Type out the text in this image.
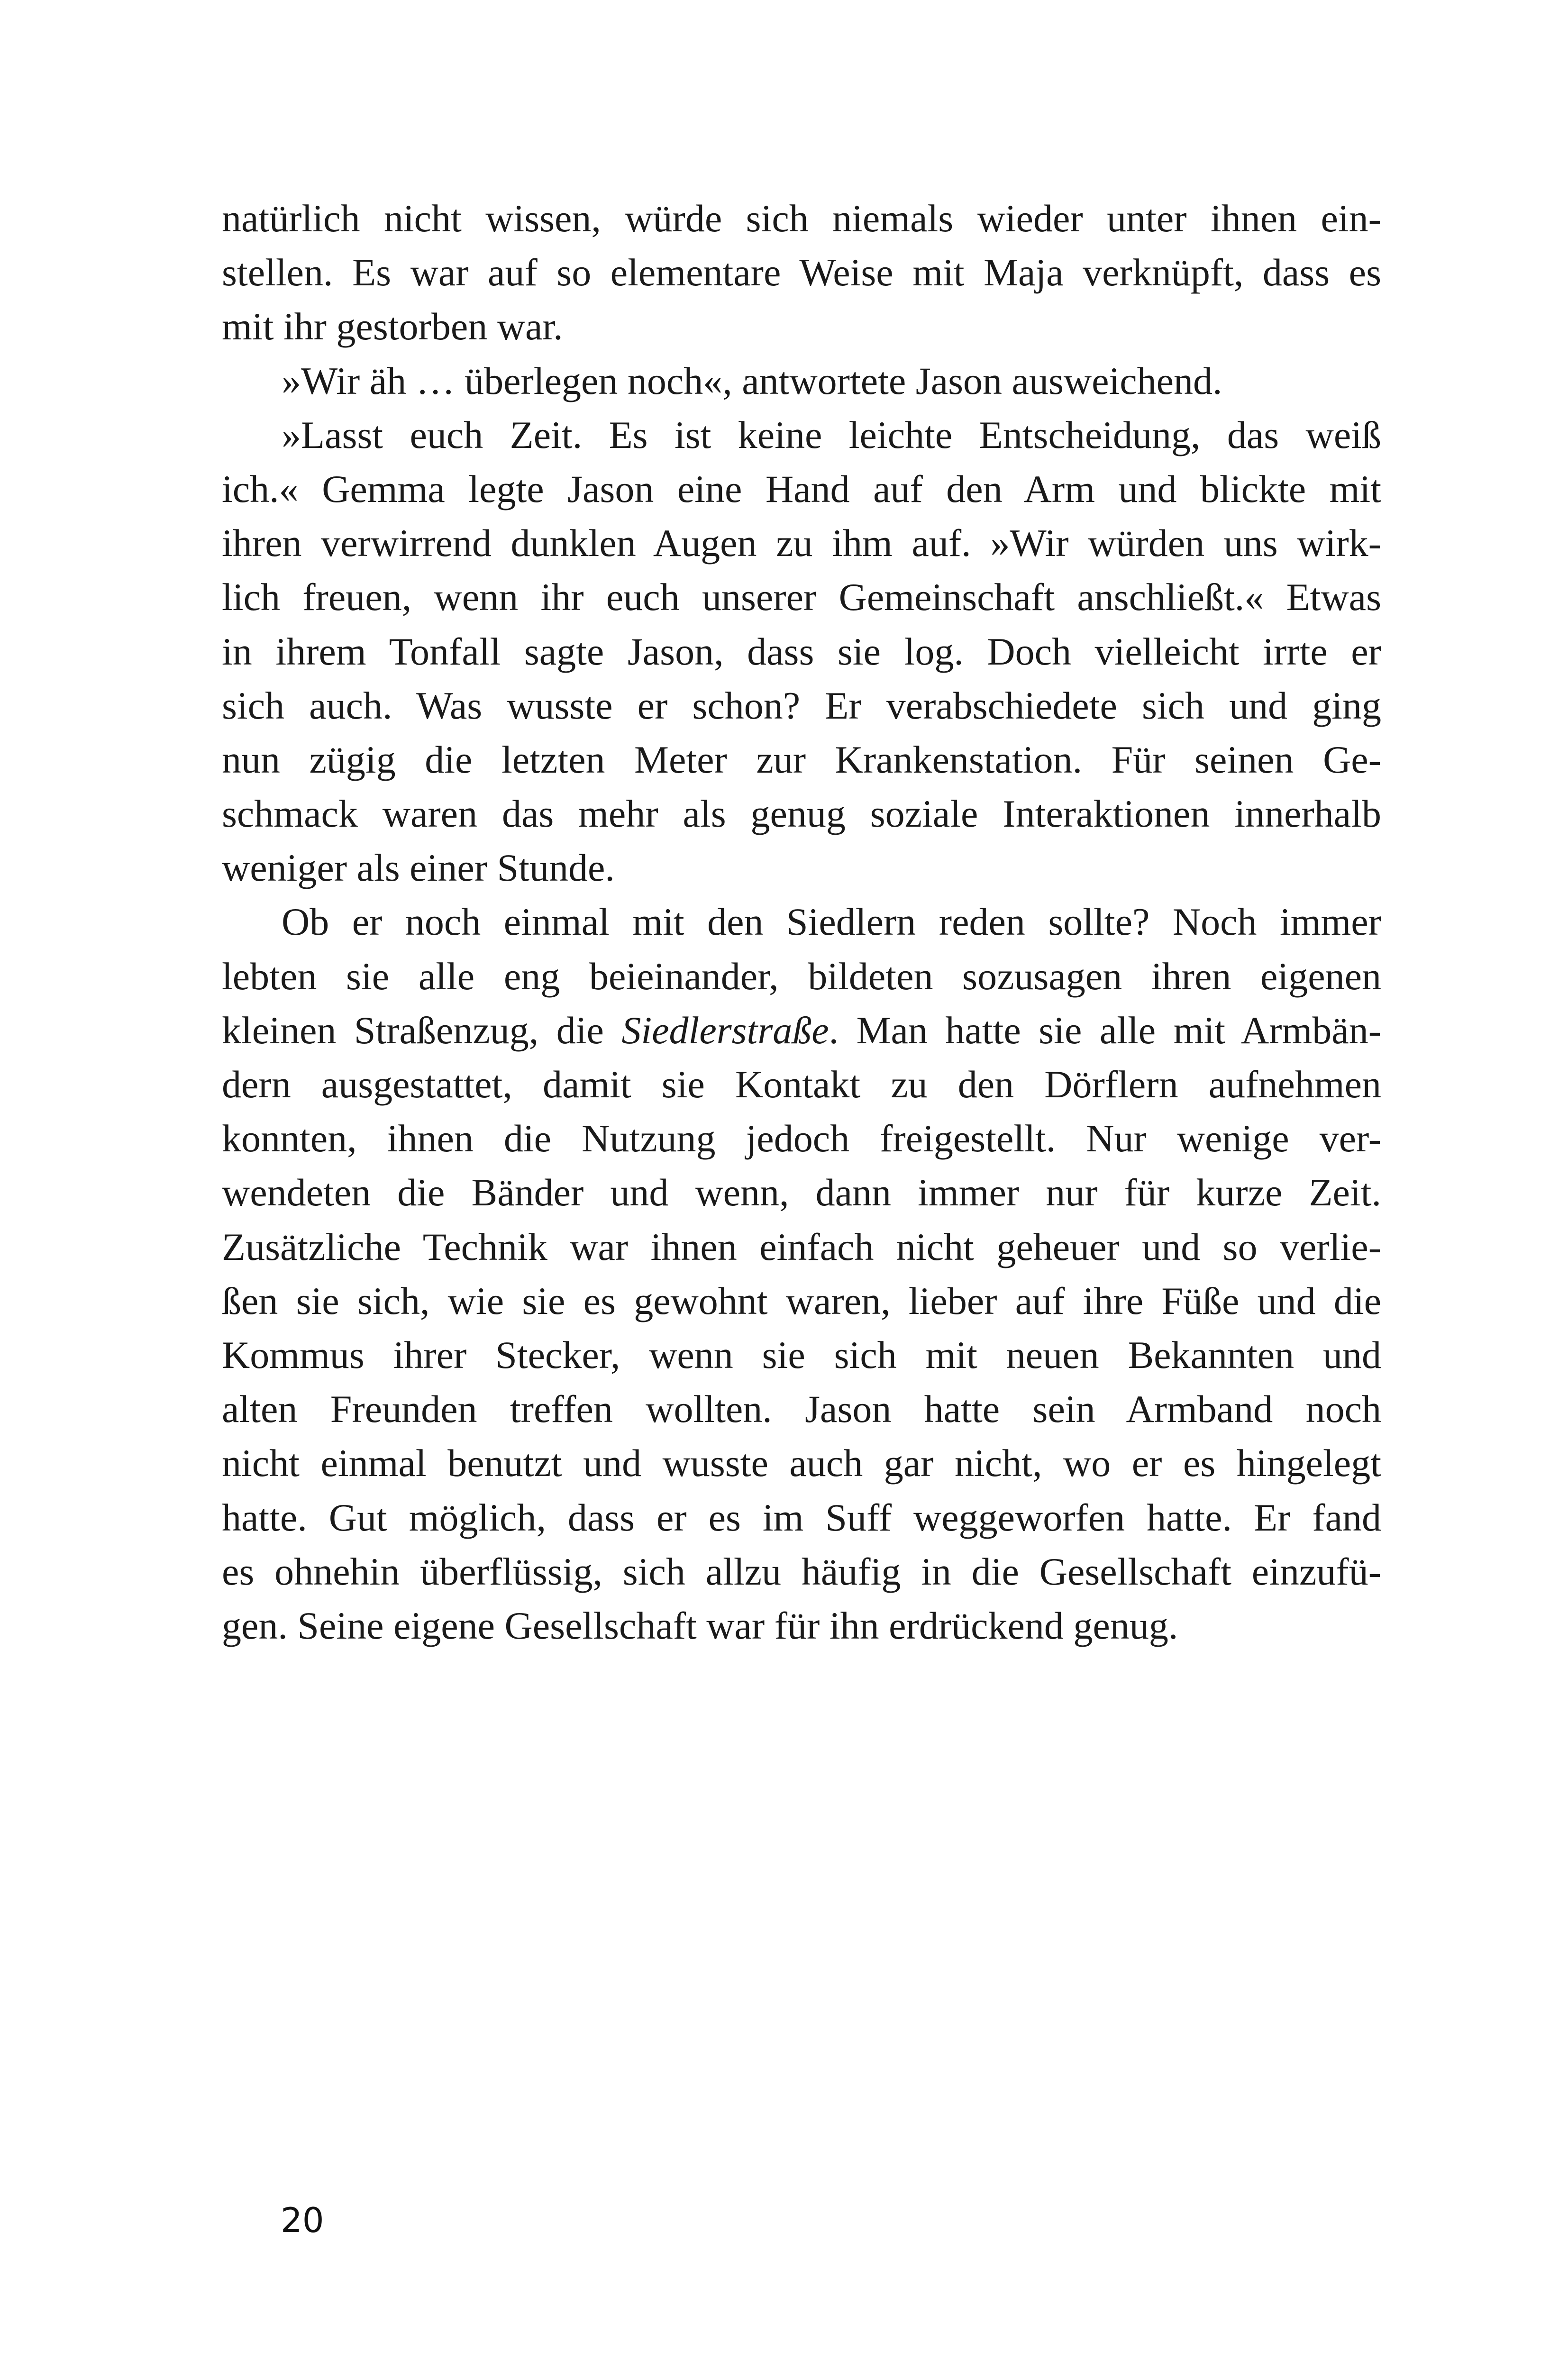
natürlich nicht wissen, würde sich niemals wieder unter ihnen ein-
stellen. Es war auf so elementare Weise mit Maja verknüpft, dass es
mit ihr gestorben war.
»Wir äh … überlegen noch«, antwortete Jason ausweichend.
»Lasst euch Zeit. Es ist keine leichte Entscheidung, das weiß
ich.« Gemma legte Jason eine Hand auf den Arm und blickte mit
ihren verwirrend dunklen Augen zu ihm auf. »Wir würden uns wirk-
lich freuen, wenn ihr euch unserer Gemeinschaft anschließt.« Etwas
in ihrem Tonfall sagte Jason, dass sie log. Doch vielleicht irrte er
sich auch. Was wusste er schon? Er verabschiedete sich und ging
nun zügig die letzten Meter zur Krankenstation. Für seinen Ge-
schmack waren das mehr als genug soziale Interaktionen innerhalb
weniger als einer Stunde.
Ob er noch einmal mit den Siedlern reden sollte? Noch immer
lebten sie alle eng beieinander, bildeten sozusagen ihren eigenen
kleinen Straßenzug, die Siedlerstraße. Man hatte sie alle mit Armbän-
dern ausgestattet, damit sie Kontakt zu den Dörflern aufnehmen
konnten, ihnen die Nutzung jedoch freigestellt. Nur wenige ver-
wendeten die Bänder und wenn, dann immer nur für kurze Zeit.
Zusätzliche Technik war ihnen einfach nicht geheuer und so verlie-
ßen sie sich, wie sie es gewohnt waren, lieber auf ihre Füße und die
Kommus ihrer Stecker, wenn sie sich mit neuen Bekannten und
alten Freunden treffen wollten. Jason hatte sein Armband noch
nicht einmal benutzt und wusste auch gar nicht, wo er es hingelegt
hatte. Gut möglich, dass er es im Suff weggeworfen hatte. Er fand
es ohnehin überflüssig, sich allzu häufig in die Gesellschaft einzufü-
gen. Seine eigene Gesellschaft war für ihn erdrückend genug.
20
